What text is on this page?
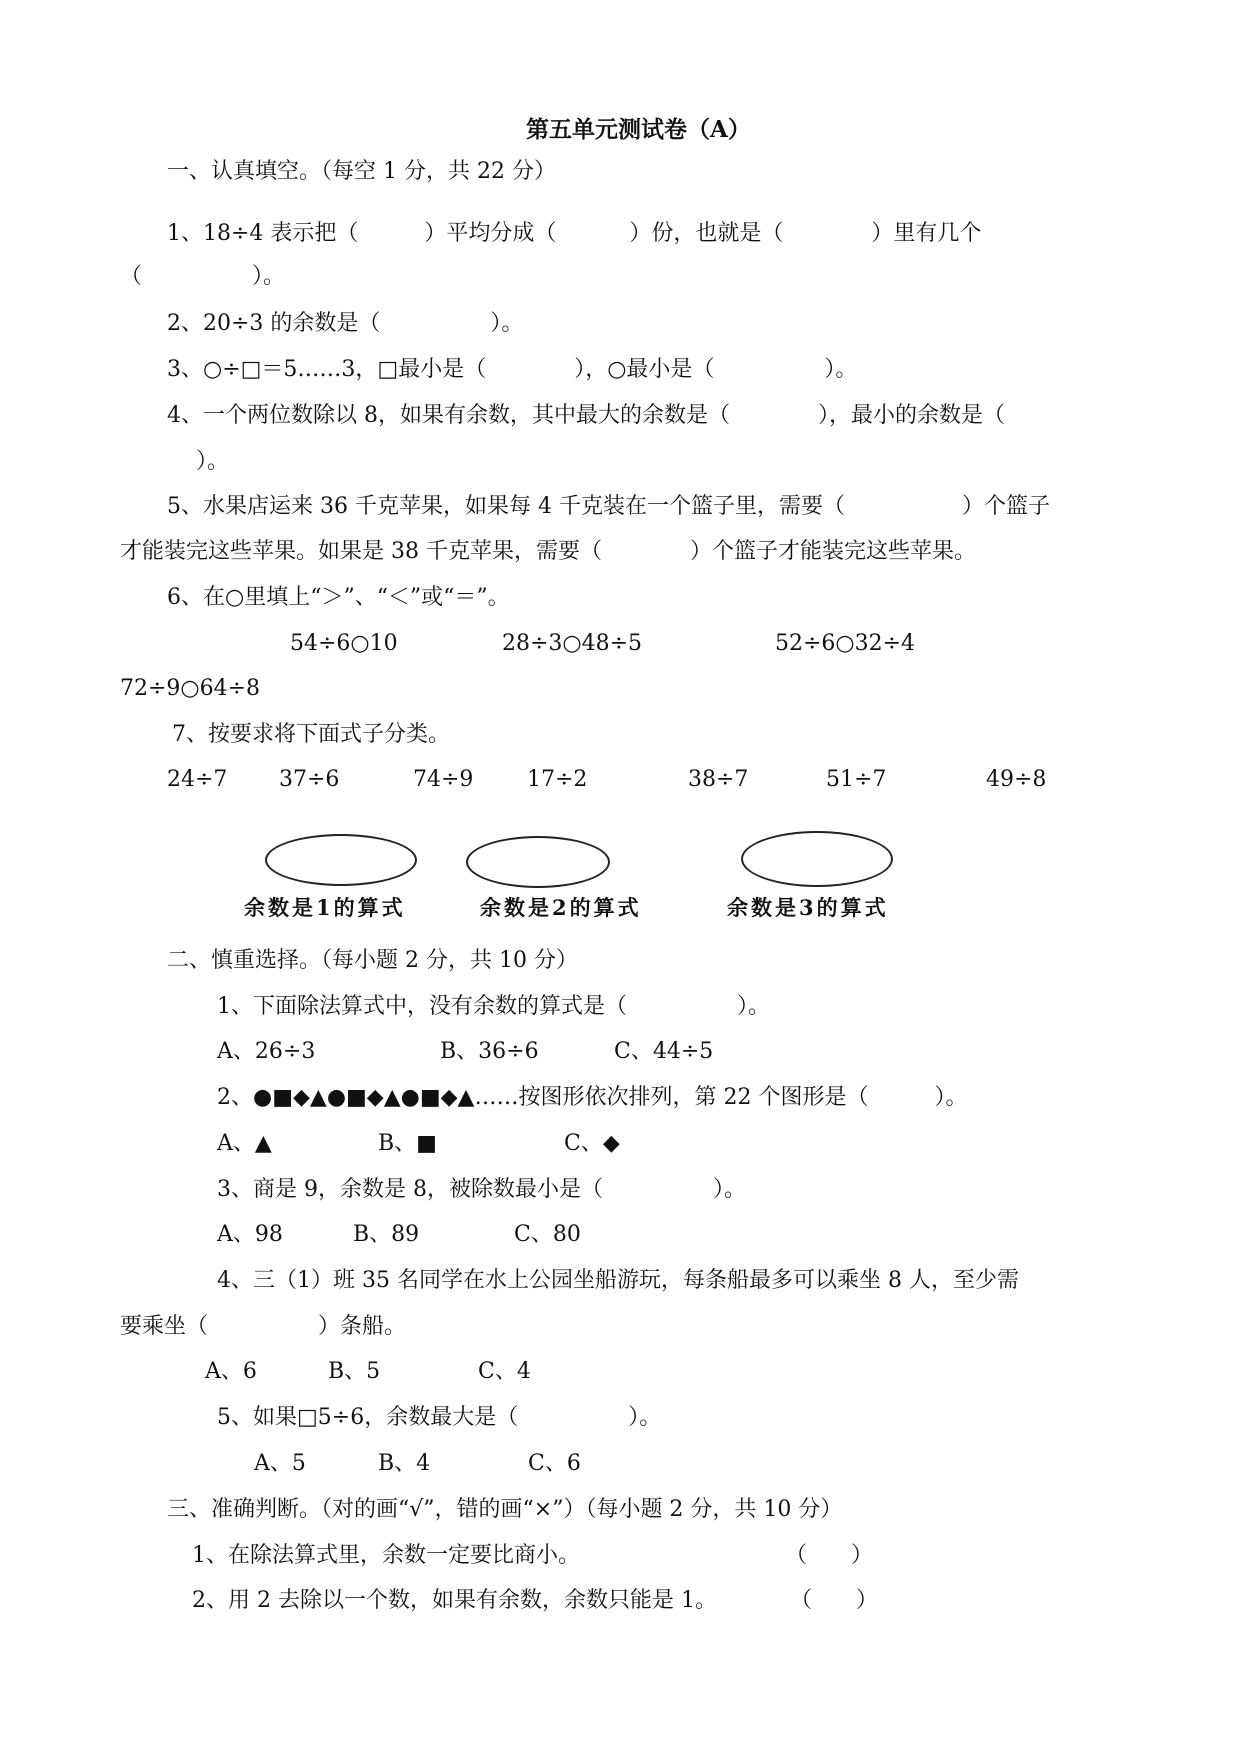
第五单元测试卷（A）
一、认真填空。（每空 1 分，共 22 分）
1、18÷4 表示把（　　　）平均分成（　　　 ）份，也就是（　　　　）里有几个
（　　　　　）。
2、20÷3 的余数是（　　　　　）。
3、○÷□＝5……3，□最小是（　　　　），○最小是（　　　　　）。
4、一个两位数除以 8，如果有余数，其中最大的余数是（　　　　），最小的余数是（
）。
5、水果店运来 36 千克苹果，如果每 4 千克装在一个篮子里，需要（　　　　　 ）个篮子
才能装完这些苹果。如果是 38 千克苹果，需要（　　　　）个篮子才能装完这些苹果。
6、在○里填上“＞”、“＜”或“＝”。
54÷6○10	28÷3○48÷5	52÷6○32÷4
72÷9○64÷8
7、按要求将下面式子分类。
24÷7 37÷6	74÷9 17÷2	38÷7	51÷7	49÷8
余数是1的算式	余数是2的算式	余数是3的算式
二、慎重选择。（每小题 2 分，共 10 分）
1、下面除法算式中，没有余数的算式是（　　　　　）。
A、26÷3	B、36÷6	C、44÷5
2、●■◆▲●■◆▲●■◆▲……按图形依次排列，第 22 个图形是（　　　）。
A、▲	B、■	C、◆
3、商是 9，余数是 8，被除数最小是（　　　　　）。
A、98	B、89	C、80
4、三（1）班 35 名同学在水上公园坐船游玩，每条船最多可以乘坐 8 人，至少需
要乘坐（　　　　　）条船。
A、6	B、5	C、4
5、如果□5÷6，余数最大是（　　　　　）。
A、5	B、4	C、6
三、准确判断。（对的画“√”，错的画“×”）（每小题 2 分，共 10 分）
1、在除法算式里，余数一定要比商小。	（　　）
2、用 2 去除以一个数，如果有余数，余数只能是 1。	（　　）
